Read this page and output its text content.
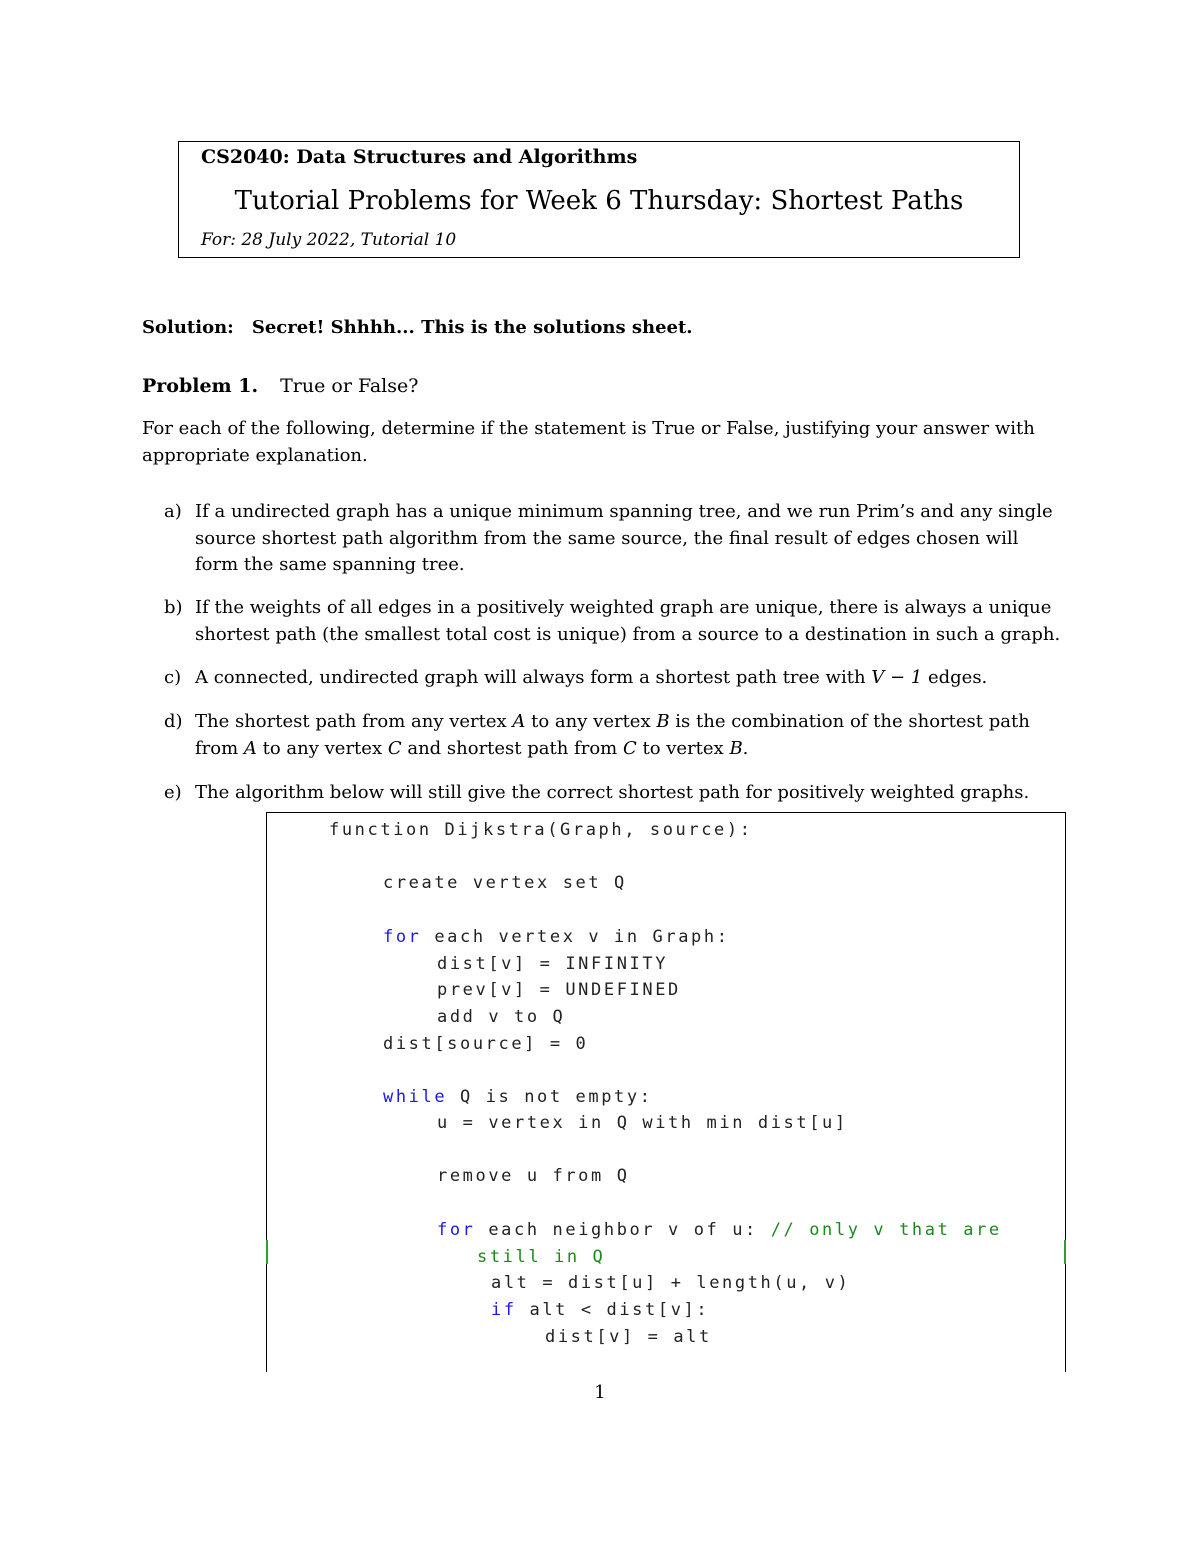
CS2040: Data Structures and Algorithms
Tutorial Problems for Week 6 Thursday: Shortest Paths
For: 28 July 2022, Tutorial 10
Solution: Secret! Shhhh... This is the solutions sheet.
Problem 1. True or False?
For each of the following, determine if the statement is True or False, justifying your answer with appropriate explanation.
a) If a undirected graph has a unique minimum spanning tree, and we run Prim’s and any single source shortest path algorithm from the same source, the final result of edges chosen will form the same spanning tree.
b) If the weights of all edges in a positively weighted graph are unique, there is always a unique shortest path (the smallest total cost is unique) from a source to a destination in such a graph.
c) A connected, undirected graph will always form a shortest path tree with V − 1 edges.
d) The shortest path from any vertex A to any vertex B is the combination of the shortest path from A to any vertex C and shortest path from C to vertex B.
e) The algorithm below will still give the correct shortest path for positively weighted graphs.
function Dijkstra(Graph, source):
create vertex set Q
for each vertex v in Graph:
dist[v] = INFINITY
prev[v] = UNDEFINED
add v to Q
dist[source] = 0
while Q is not empty:
u = vertex in Q with min dist[u]
remove u from Q
for each neighbor v of u: // only v that are
still in Q
alt = dist[u] + length(u, v)
if alt < dist[v]:
dist[v] = alt
1
